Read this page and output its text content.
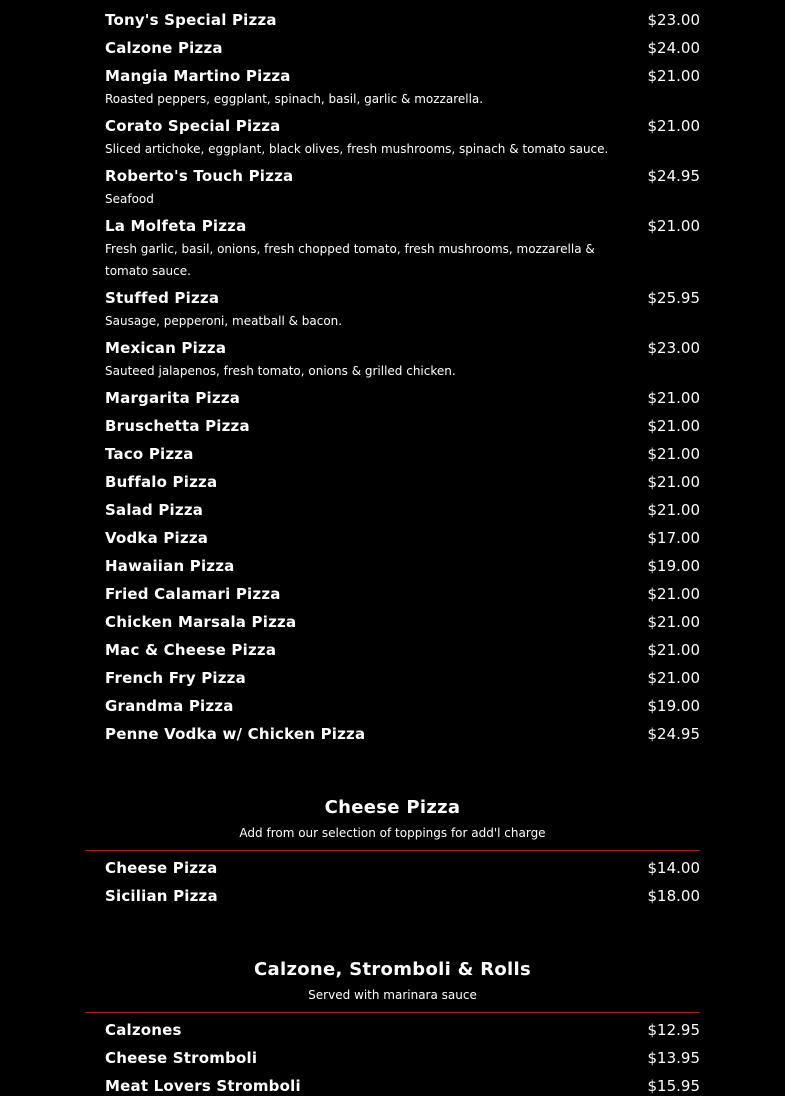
Tony's Special Pizza	$23.00
Calzone Pizza	$24.00
Mangia Martino Pizza	$21.00
Roasted peppers, eggplant, spinach, basil, garlic & mozzarella.
Corato Special Pizza	$21.00
Sliced artichoke, eggplant, black olives, fresh mushrooms, spinach & tomato sauce.
Roberto's Touch Pizza	$24.95
Seafood
La Molfeta Pizza	$21.00
Fresh garlic, basil, onions, fresh chopped tomato, fresh mushrooms, mozzarella & tomato sauce.
Stuffed Pizza	$25.95
Sausage, pepperoni, meatball & bacon.
Mexican Pizza	$23.00
Sauteed jalapenos, fresh tomato, onions & grilled chicken.
Margarita Pizza	$21.00
Bruschetta Pizza	$21.00
Taco Pizza	$21.00
Buffalo Pizza	$21.00
Salad Pizza	$21.00
Vodka Pizza	$17.00
Hawaiian Pizza	$19.00
Fried Calamari Pizza	$21.00
Chicken Marsala Pizza	$21.00
Mac & Cheese Pizza	$21.00
French Fry Pizza	$21.00
Grandma Pizza	$19.00
Penne Vodka w/ Chicken Pizza	$24.95
Cheese Pizza
Add from our selection of toppings for add'l charge
Cheese Pizza	$14.00
Sicilian Pizza	$18.00
Calzone, Stromboli & Rolls
Served with marinara sauce
Calzones	$12.95
Cheese Stromboli	$13.95
Meat Lovers Stromboli	$15.95
